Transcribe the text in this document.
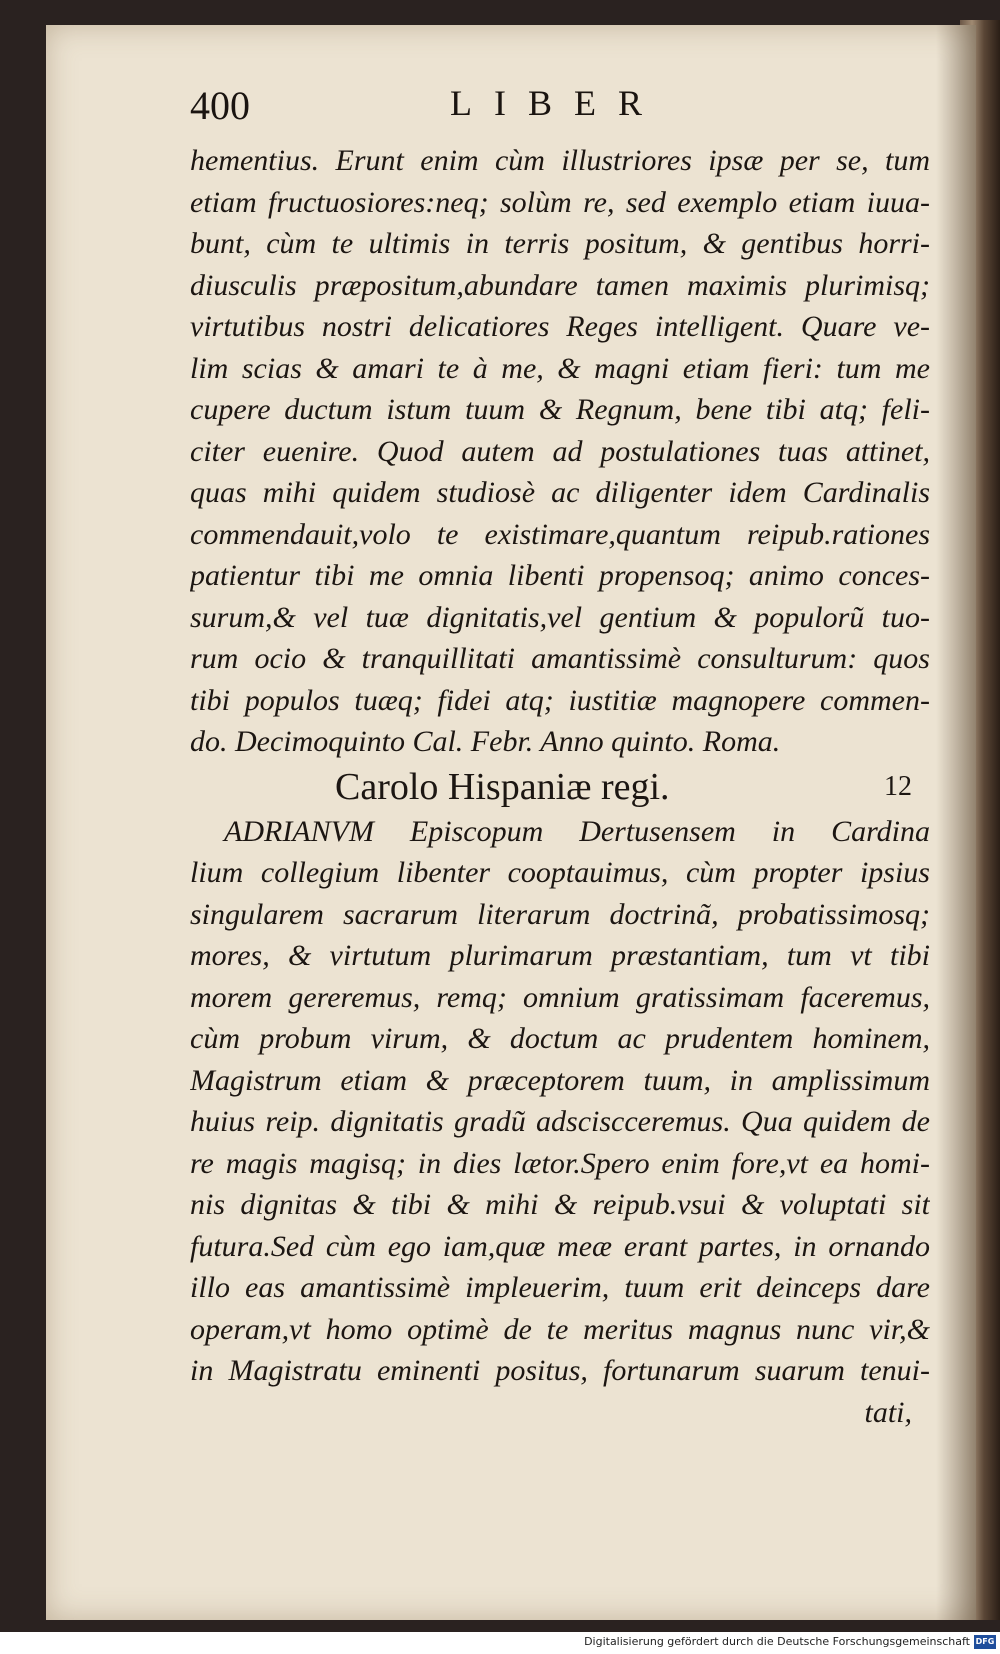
400	LIBER
hementius. Erunt enim cùm illustriores ipsæ per se, tum
etiam fructuosiores:neq; solùm re, sed exemplo etiam iuua-
bunt, cùm te ultimis in terris positum, & gentibus horri-
diusculis præpositum,abundare tamen maximis plurimisq;
virtutibus nostri delicatiores Reges intelligent. Quare ve-
lim scias & amari te à me, & magni etiam fieri: tum me
cupere ductum istum tuum & Regnum, bene tibi atq; feli-
citer euenire. Quod autem ad postulationes tuas attinet,
quas mihi quidem studiosè ac diligenter idem Cardinalis
commendauit,volo te existimare,quantum reipub.rationes
patientur tibi me omnia libenti propensoq; animo conces-
surum,& vel tuæ dignitatis,vel gentium & populorũ tuo-
rum ocio & tranquillitati amantissimè consulturum: quos
tibi populos tuæq; fidei atq; iustitiæ magnopere commen-
do. Decimoquinto Cal. Febr. Anno quinto. Roma.
Carolo Hispaniæ regi.	12
ADRIANVM Episcopum Dertusensem in Cardina
lium collegium libenter cooptauimus, cùm propter ipsius
singularem sacrarum literarum doctrinã, probatissimosq;
mores, & virtutum plurimarum præstantiam, tum vt tibi
morem gereremus, remq; omnium gratissimam faceremus,
cùm probum virum, & doctum ac prudentem hominem,
Magistrum etiam & præceptorem tuum, in amplissimum
huius reip. dignitatis gradũ adsciscceremus. Qua quidem de
re magis magisq; in dies lætor.Spero enim fore,vt ea homi-
nis dignitas & tibi & mihi & reipub.vsui & voluptati sit
futura.Sed cùm ego iam,quæ meæ erant partes, in ornando
illo eas amantissimè impleuerim, tuum erit deinceps dare
operam,vt homo optimè de te meritus magnus nunc vir,&
in Magistratu eminenti positus, fortunarum suarum tenui-
tati,
Digitalisierung gefördert durch die Deutsche Forschungsgemeinschaft DFG
